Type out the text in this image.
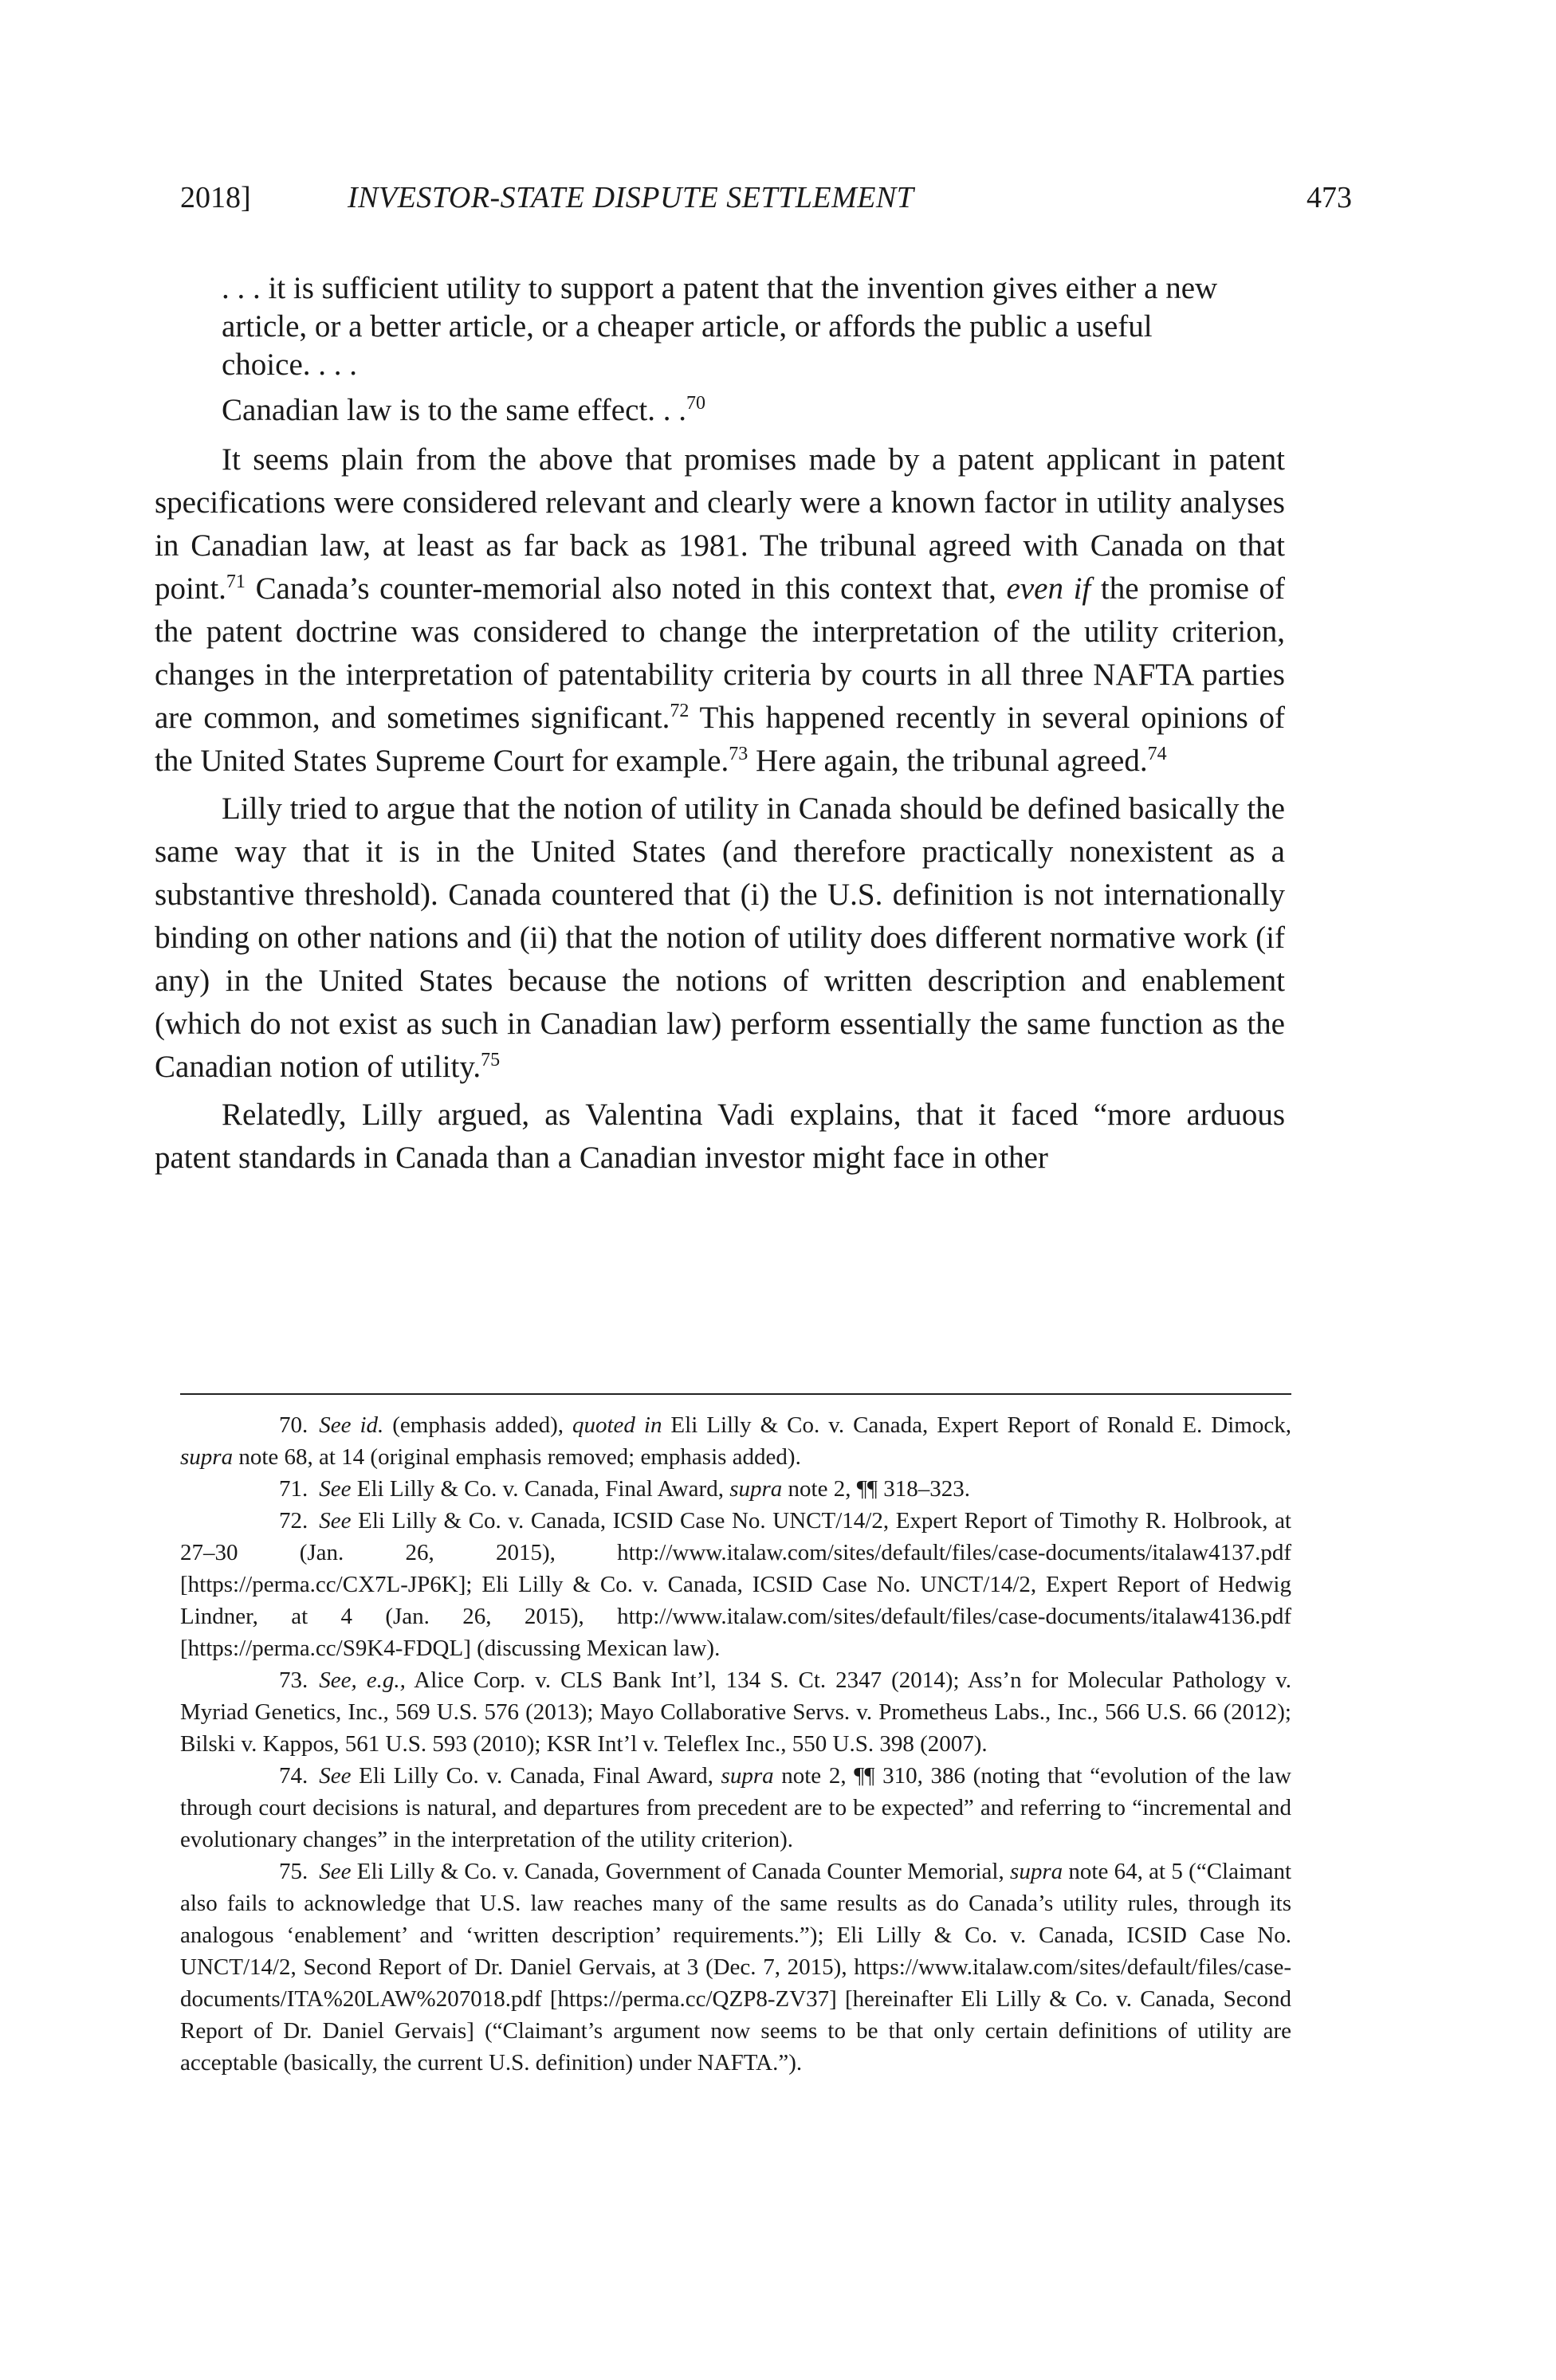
2018]	INVESTOR-STATE DISPUTE SETTLEMENT	473

. . . it is sufficient utility to support a patent that the invention gives either a new article, or a better article, or a cheaper article, or affords the public a useful choice. . . .

Canadian law is to the same effect. . .$^{70}$

It seems plain from the above that promises made by a patent applicant in patent specifications were considered relevant and clearly were a known factor in utility analyses in Canadian law, at least as far back as 1981. The tribunal agreed with Canada on that point.$^{71}$ Canada’s counter-memorial also noted in this context that, even if the promise of the patent doctrine was considered to change the interpretation of the utility criterion, changes in the interpretation of patentability criteria by courts in all three NAFTA parties are common, and sometimes significant.$^{72}$ This happened recently in several opinions of the United States Supreme Court for example.$^{73}$ Here again, the tribunal agreed.$^{74}$

Lilly tried to argue that the notion of utility in Canada should be defined basically the same way that it is in the United States (and therefore practically nonexistent as a substantive threshold). Canada countered that (i) the U.S. definition is not internationally binding on other nations and (ii) that the notion of utility does different normative work (if any) in the United States because the notions of written description and enablement (which do not exist as such in Canadian law) perform essentially the same function as the Canadian notion of utility.$^{75}$

Relatedly, Lilly argued, as Valentina Vadi explains, that it faced “more arduous patent standards in Canada than a Canadian investor might face in other

70. See id. (emphasis added), quoted in Eli Lilly & Co. v. Canada, Expert Report of Ronald E. Dimock, supra note 68, at 14 (original emphasis removed; emphasis added).

71. See Eli Lilly & Co. v. Canada, Final Award, supra note 2, ¶¶ 318–323.

72. See Eli Lilly & Co. v. Canada, ICSID Case No. UNCT/14/2, Expert Report of Timothy R. Holbrook, at 27–30 (Jan. 26, 2015), http://www.italaw.com/sites/default/files/case-documents/italaw4137.pdf [https://perma.cc/CX7L-JP6K]; Eli Lilly & Co. v. Canada, ICSID Case No. UNCT/14/2, Expert Report of Hedwig Lindner, at 4 (Jan. 26, 2015), http://www.italaw.com/sites/default/files/case-documents/italaw4136.pdf [https://perma.cc/S9K4-FDQL] (discussing Mexican law).

73. See, e.g., Alice Corp. v. CLS Bank Int’l, 134 S. Ct. 2347 (2014); Ass’n for Molecular Pathology v. Myriad Genetics, Inc., 569 U.S. 576 (2013); Mayo Collaborative Servs. v. Prometheus Labs., Inc., 566 U.S. 66 (2012); Bilski v. Kappos, 561 U.S. 593 (2010); KSR Int’l v. Teleflex Inc., 550 U.S. 398 (2007).

74. See Eli Lilly Co. v. Canada, Final Award, supra note 2, ¶¶ 310, 386 (noting that “evolution of the law through court decisions is natural, and departures from precedent are to be expected” and referring to “incremental and evolutionary changes” in the interpretation of the utility criterion).

75. See Eli Lilly & Co. v. Canada, Government of Canada Counter Memorial, supra note 64, at 5 (“Claimant also fails to acknowledge that U.S. law reaches many of the same results as do Canada’s utility rules, through its analogous ‘enablement’ and ‘written description’ requirements.”); Eli Lilly & Co. v. Canada, ICSID Case No. UNCT/14/2, Second Report of Dr. Daniel Gervais, at 3 (Dec. 7, 2015), https://www.italaw.com/sites/default/files/case-documents/ITA%20LAW%207018.pdf [https://perma.cc/QZP8-ZV37] [hereinafter Eli Lilly & Co. v. Canada, Second Report of Dr. Daniel Gervais] (“Claimant’s argument now seems to be that only certain definitions of utility are acceptable (basically, the current U.S. definition) under NAFTA.”).
